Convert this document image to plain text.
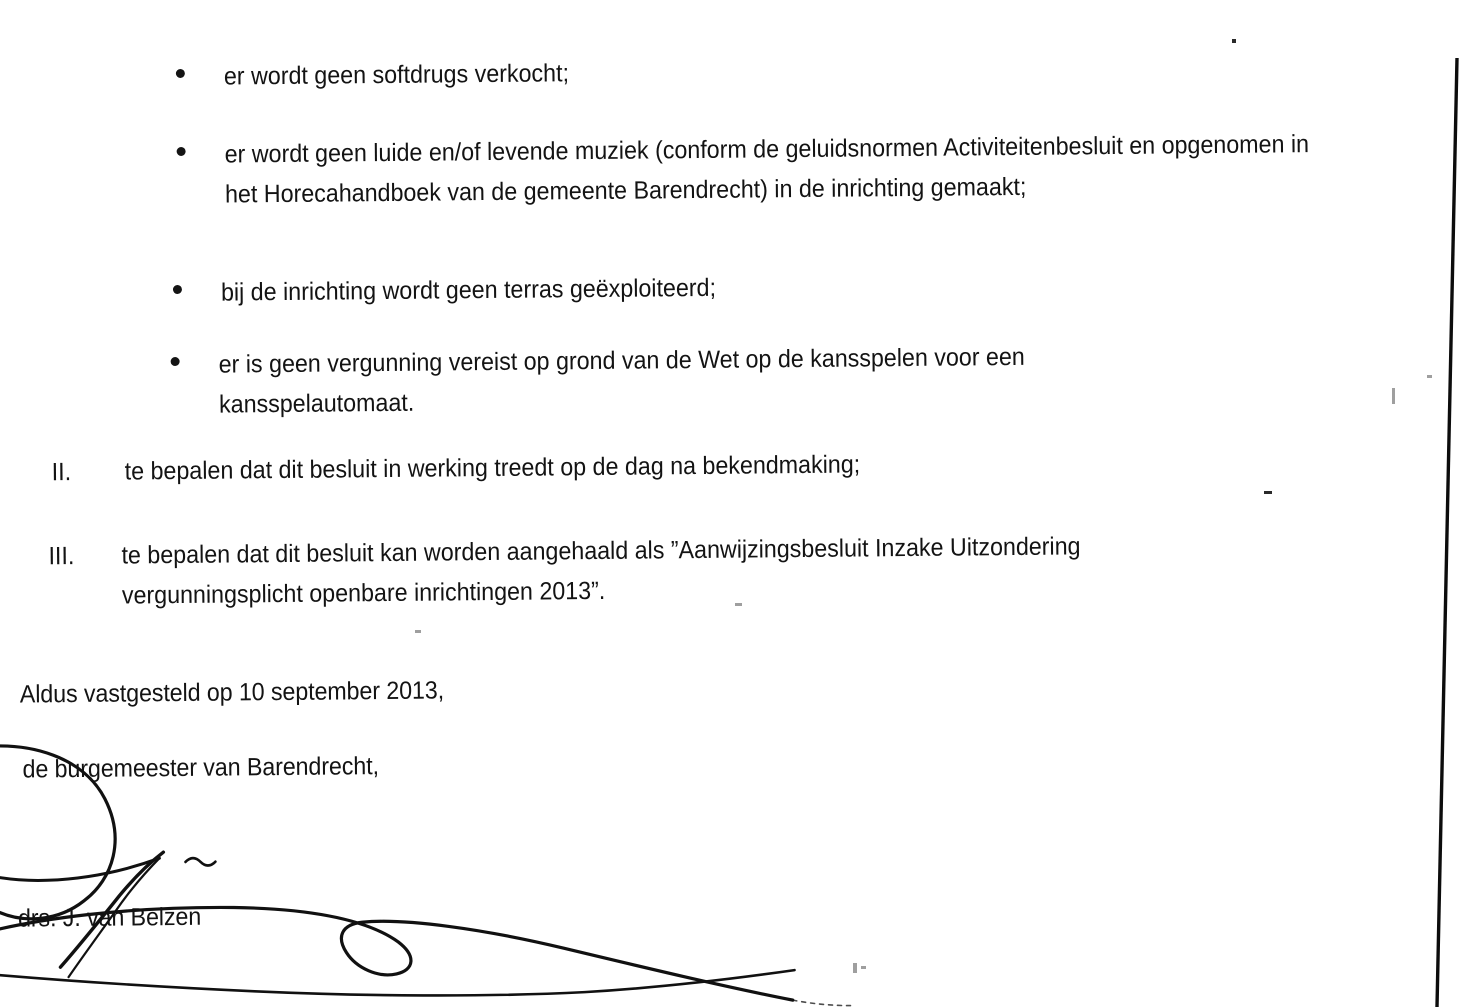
er wordt geen softdrugs verkocht;
er wordt geen luide en/of levende muziek (conform de geluidsnormen Activiteitenbesluit en opgenomen in het Horecahandboek van de gemeente Barendrecht) in de inrichting gemaakt;
bij de inrichting wordt geen terras geëxploiteerd;
er is geen vergunning vereist op grond van de Wet op de kansspelen voor een kansspelautomaat.
II. te bepalen dat dit besluit in werking treedt op de dag na bekendmaking;
III. te bepalen dat dit besluit kan worden aangehaald als ”Aanwijzingsbesluit Inzake Uitzondering vergunningsplicht openbare inrichtingen 2013”.
Aldus vastgesteld op 10 september 2013,
de burgemeester van Barendrecht,
drs. J. van Belzen
